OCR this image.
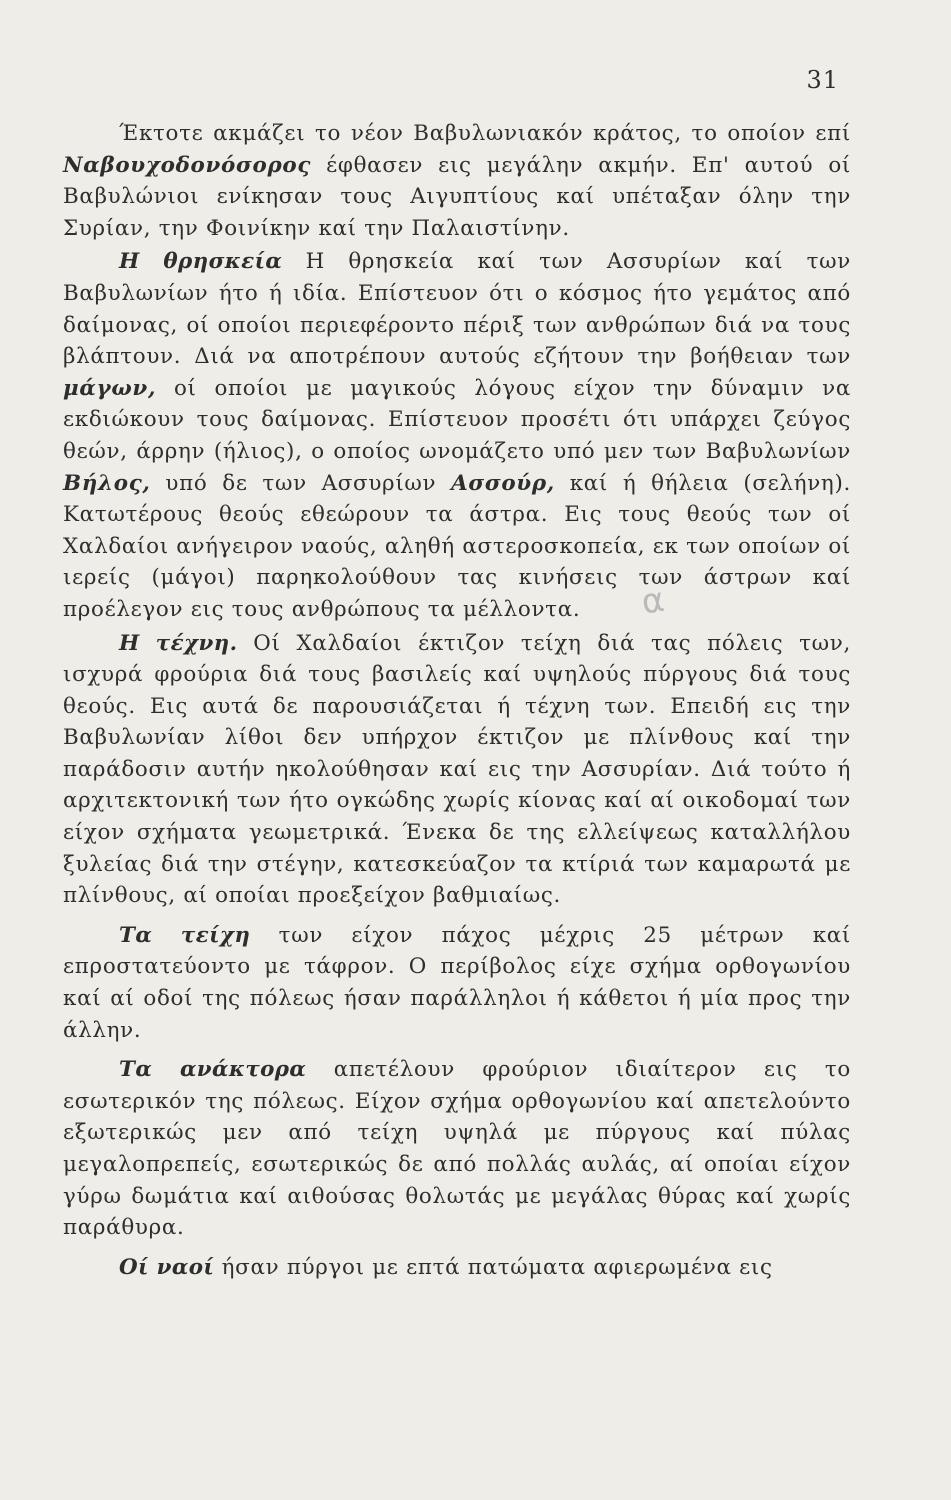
31

Έκτοτε ακμάζει το νέον Βαβυλωνιακόν κράτος, το οποίον επί Ναβουχοδονόσορος έφθασεν εις μεγάλην ακμήν. Επ' αυτού οί Βαβυλώνιοι ενίκησαν τους Αιγυπτίους καί υπέταξαν όλην την Συρίαν, την Φοινίκην καί την Παλαιστίνην.

Η θρησκεία Η θρησκεία καί των Ασσυρίων καί των Βαβυλωνίων ήτο ή ιδία. Επίστευον ότι ο κόσμος ήτο γεμάτος από δαίμονας, οί οποίοι περιεφέροντο πέριξ των ανθρώπων διά να τους βλάπτουν. Διά να αποτρέπουν αυτούς εζήτουν την βοήθειαν των μάγων, οί οποίοι με μαγικούς λόγους είχον την δύναμιν να εκδιώκουν τους δαίμονας. Επίστευον προσέτι ότι υπάρχει ζεύγος θεών, άρρην (ήλιος), ο οποίος ωνομάζετο υπό μεν των Βαβυλωνίων Βήλος, υπό δε των Ασσυρίων Ασσούρ, καί ή θήλεια (σελήνη). Κατωτέρους θεούς εθεώρουν τα άστρα. Εις τους θεούς των οί Χαλδαίοι ανήγειρον ναούς, αληθή αστεροσκοπεία, εκ των οποίων οί ιερείς (μάγοι) παρηκολούθουν τας κινήσεις των άστρων καί προέλεγον εις τους ανθρώπους τα μέλλοντα. α

Η τέχνη. Οί Χαλδαίοι έκτιζον τείχη διά τας πόλεις των, ισχυρά φρούρια διά τους βασιλείς καί υψηλούς πύργους διά τους θεούς. Εις αυτά δε παρουσιάζεται ή τέχνη των. Επειδή εις την Βαβυλωνίαν λίθοι δεν υπήρχον έκτιζον με πλίνθους καί την παράδοσιν αυτήν ηκολούθησαν καί εις την Ασσυρίαν. Διά τούτο ή αρχιτεκτονική των ήτο ογκώδης χωρίς κίονας καί αί οικοδομαί των είχον σχήματα γεωμετρικά. Ένεκα δε της ελλείψεως καταλλήλου ξυλείας διά την στέγην, κατεσκεύαζον τα κτίριά των καμαρωτά με πλίνθους, αί οποίαι προεξείχον βαθμιαίως.

Τα τείχη των είχον πάχος μέχρις 25 μέτρων καί επροστατεύοντο με τάφρον. Ο περίβολος είχε σχήμα ορθογωνίου καί αί οδοί της πόλεως ήσαν παράλληλοι ή κάθετοι ή μία προς την άλλην.

Τα ανάκτορα απετέλουν φρούριον ιδιαίτερον εις το εσωτερικόν της πόλεως. Είχον σχήμα ορθογωνίου καί απετελούντο εξωτερικώς μεν από τείχη υψηλά με πύργους καί πύλας μεγαλοπρεπείς, εσωτερικώς δε από πολλάς αυλάς, αί οποίαι είχον γύρω δωμάτια καί αιθούσας θολωτάς με μεγάλας θύρας καί χωρίς παράθυρα.

Οί ναοί ήσαν πύργοι με επτά πατώματα αφιερωμένα εις
